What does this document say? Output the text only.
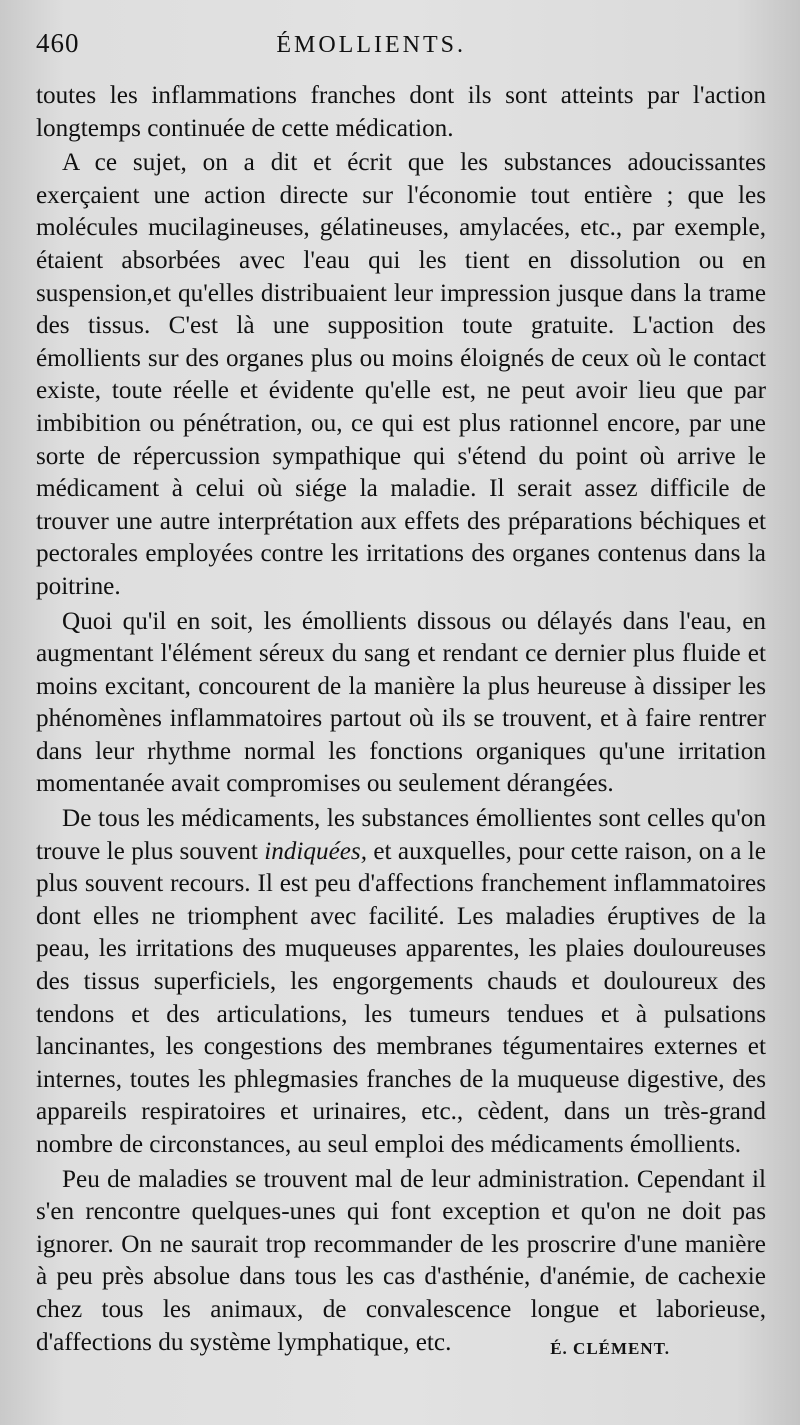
460	ÉMOLLIENTS.

toutes les inflammations franches dont ils sont atteints par l'action longtemps continuée de cette médication.

A ce sujet, on a dit et écrit que les substances adoucissantes exerçaient une action directe sur l'économie tout entière ; que les molécules mucilagineuses, gélatineuses, amylacées, etc., par exemple, étaient absorbées avec l'eau qui les tient en dissolution ou en suspension,et qu'elles distribuaient leur impression jusque dans la trame des tissus. C'est là une supposition toute gratuite. L'action des émollients sur des organes plus ou moins éloignés de ceux où le contact existe, toute réelle et évidente qu'elle est, ne peut avoir lieu que par imbibition ou pénétration, ou, ce qui est plus rationnel encore, par une sorte de répercussion sympathique qui s'étend du point où arrive le médicament à celui où siége la maladie. Il serait assez difficile de trouver une autre interprétation aux effets des préparations béchiques et pectorales employées contre les irritations des organes contenus dans la poitrine.

Quoi qu'il en soit, les émollients dissous ou délayés dans l'eau, en augmentant l'élément séreux du sang et rendant ce dernier plus fluide et moins excitant, concourent de la manière la plus heureuse à dissiper les phénomènes inflammatoires partout où ils se trouvent, et à faire rentrer dans leur rhythme normal les fonctions organiques qu'une irritation momentanée avait compromises ou seulement dérangées.

De tous les médicaments, les substances émollientes sont celles qu'on trouve le plus souvent indiquées, et auxquelles, pour cette raison, on a le plus souvent recours. Il est peu d'affections franchement inflammatoires dont elles ne triomphent avec facilité. Les maladies éruptives de la peau, les irritations des muqueuses apparentes, les plaies douloureuses des tissus superficiels, les engorgements chauds et douloureux des tendons et des articulations, les tumeurs tendues et à pulsations lancinantes, les congestions des membranes tégumentaires externes et internes, toutes les phlegmasies franches de la muqueuse digestive, des appareils respiratoires et urinaires, etc., cèdent, dans un très-grand nombre de circonstances, au seul emploi des médicaments émollients.

Peu de maladies se trouvent mal de leur administration. Cependant il s'en rencontre quelques-unes qui font exception et qu'on ne doit pas ignorer. On ne saurait trop recommander de les proscrire d'une manière à peu près absolue dans tous les cas d'asthénie, d'anémie, de cachexie chez tous les animaux, de convalescence longue et laborieuse, d'affections du système lymphatique, etc.	É. CLÉMENT.
